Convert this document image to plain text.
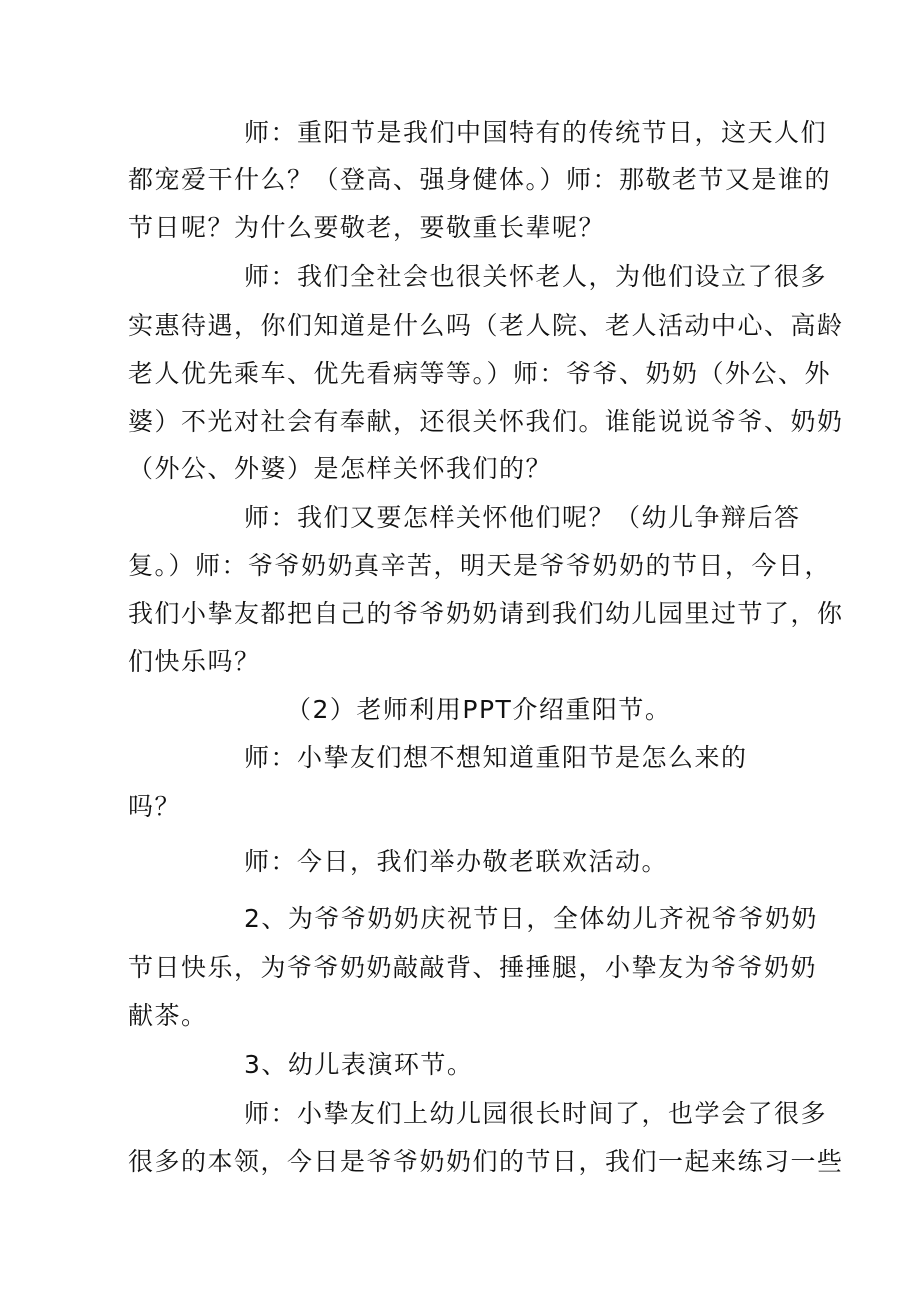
师：重阳节是我们中国特有的传统节日，这天人们
都宠爱干什么？（登高、强身健体。）师：那敬老节又是谁的
节日呢？为什么要敬老，要敬重长辈呢？
师：我们全社会也很关怀老人，为他们设立了很多
实惠待遇，你们知道是什么吗（老人院、老人活动中心、高龄
老人优先乘车、优先看病等等。）师：爷爷、奶奶（外公、外
婆）不光对社会有奉献，还很关怀我们。谁能说说爷爷、奶奶
（外公、外婆）是怎样关怀我们的？
师：我们又要怎样关怀他们呢？（幼儿争辩后答
复。）师：爷爷奶奶真辛苦，明天是爷爷奶奶的节日，今日，
我们小挚友都把自己的爷爷奶奶请到我们幼儿园里过节了，你
们快乐吗？
（2）老师利用PPT介绍重阳节。
师：小挚友们想不想知道重阳节是怎么来的
吗？
师：今日，我们举办敬老联欢活动。
2、为爷爷奶奶庆祝节日，全体幼儿齐祝爷爷奶奶
节日快乐，为爷爷奶奶敲敲背、捶捶腿，小挚友为爷爷奶奶
献茶。
3、幼儿表演环节。
师：小挚友们上幼儿园很长时间了，也学会了很多
很多的本领，今日是爷爷奶奶们的节日，我们一起来练习一些
